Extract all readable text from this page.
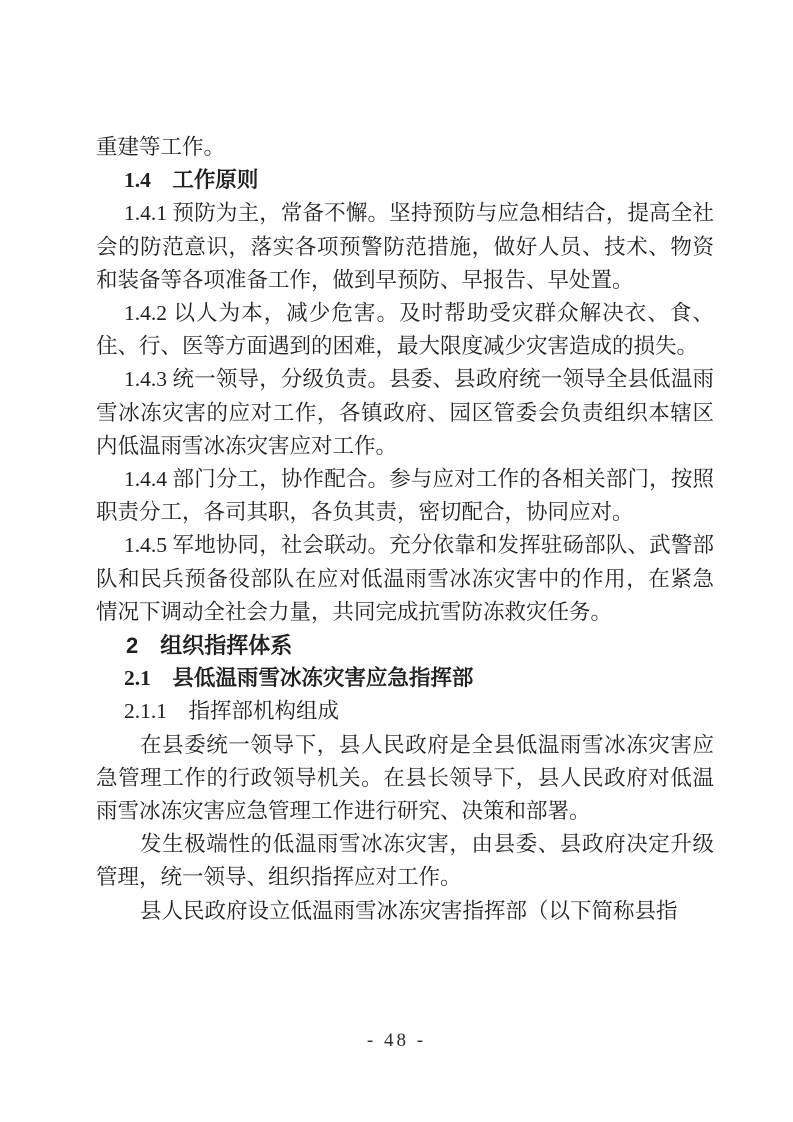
重建等工作。

1.4　工作原则

1.4.1 预防为主，常备不懈。坚持预防与应急相结合，提高全社会的防范意识，落实各项预警防范措施，做好人员、技术、物资和装备等各项准备工作，做到早预防、早报告、早处置。

1.4.2 以人为本，减少危害。及时帮助受灾群众解决衣、食、住、行、医等方面遇到的困难，最大限度减少灾害造成的损失。

1.4.3 统一领导，分级负责。县委、县政府统一领导全县低温雨雪冰冻灾害的应对工作，各镇政府、园区管委会负责组织本辖区内低温雨雪冰冻灾害应对工作。

1.4.4 部门分工，协作配合。参与应对工作的各相关部门，按照职责分工，各司其职，各负其责，密切配合，协同应对。

1.4.5 军地协同，社会联动。充分依靠和发挥驻砀部队、武警部队和民兵预备役部队在应对低温雨雪冰冻灾害中的作用，在紧急情况下调动全社会力量，共同完成抗雪防冻救灾任务。

2　组织指挥体系

2.1　县低温雨雪冰冻灾害应急指挥部

2.1.1　指挥部机构组成

在县委统一领导下，县人民政府是全县低温雨雪冰冻灾害应急管理工作的行政领导机关。在县长领导下，县人民政府对低温雨雪冰冻灾害应急管理工作进行研究、决策和部署。

发生极端性的低温雨雪冰冻灾害，由县委、县政府决定升级管理，统一领导、组织指挥应对工作。

县人民政府设立低温雨雪冰冻灾害指挥部（以下简称县指

- 48 -
